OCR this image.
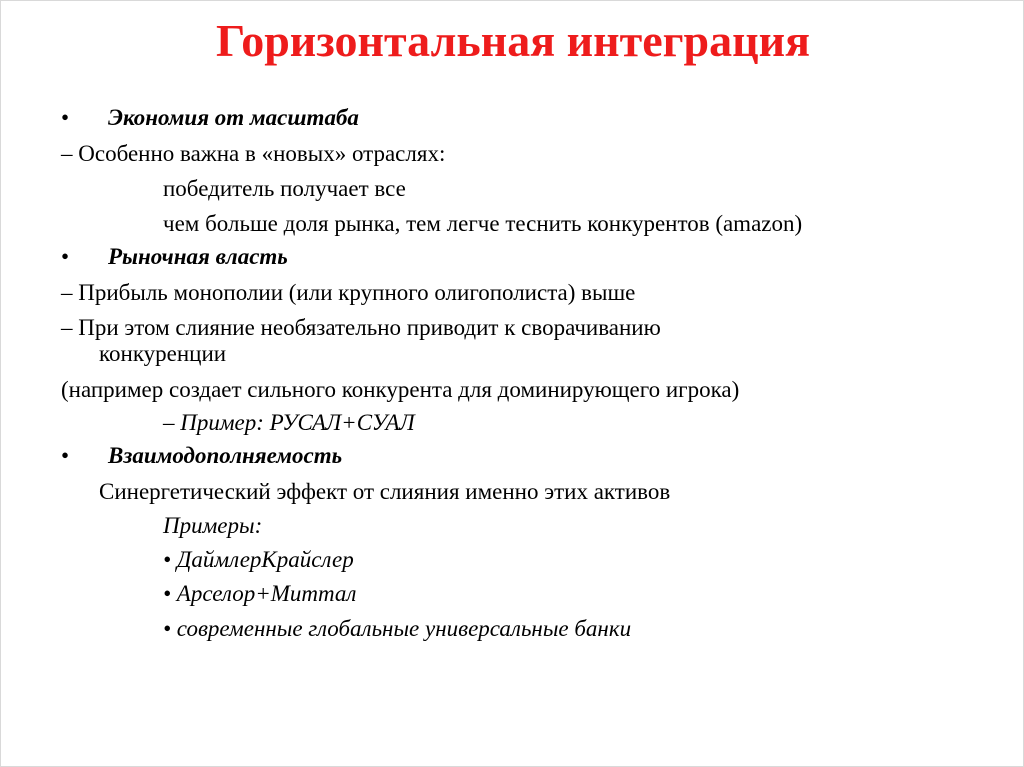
Горизонтальная интеграция
• Экономия от масштаба
– Особенно важна в «новых» отраслях:
победитель получает все
чем больше доля рынка, тем легче теснить конкурентов (amazon)
• Рыночная власть
– Прибыль монополии (или крупного олигополиста) выше
– При этом слияние необязательно приводит к сворачиванию
конкуренции
(например создает сильного конкурента для доминирующего игрока)
– Пример: РУСАЛ+СУАЛ
• Взаимодополняемость
Синергетический эффект от слияния именно этих активов
Примеры:
• ДаймлерКрайслер
• Арселор+Миттал
• современные глобальные универсальные банки
